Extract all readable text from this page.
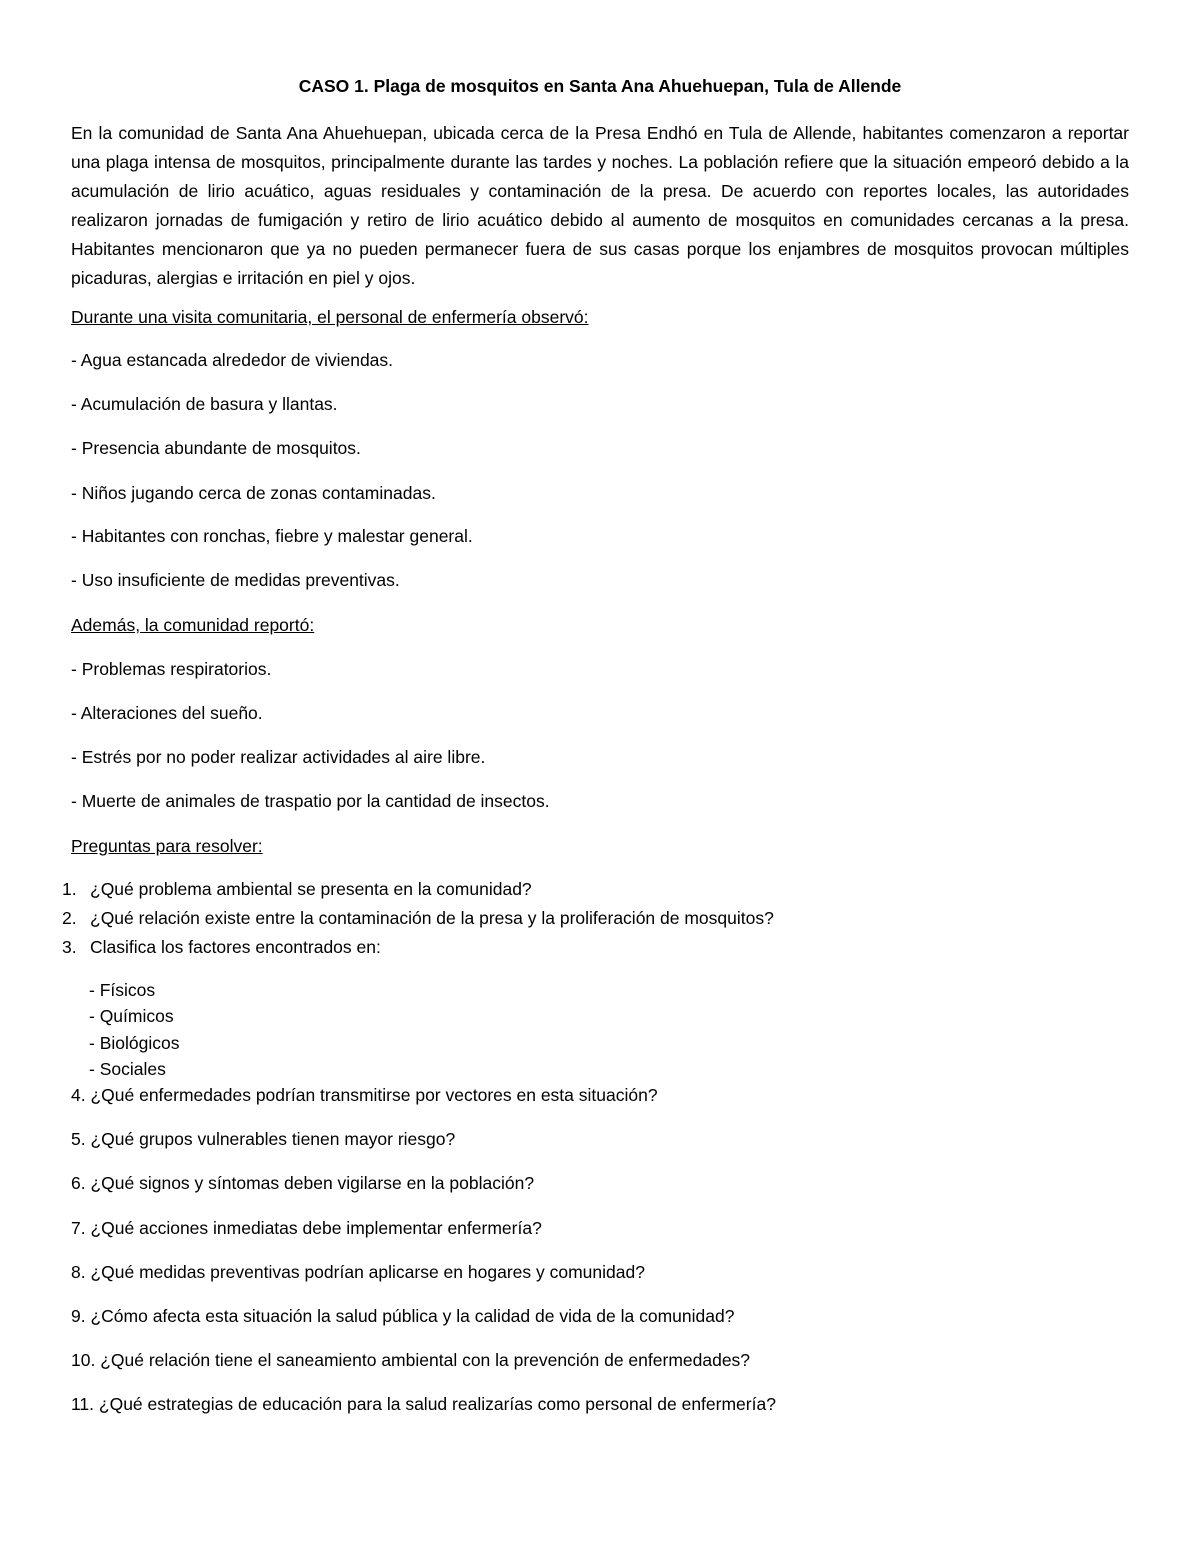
CASO 1. Plaga de mosquitos en Santa Ana Ahuehuepan, Tula de Allende

En la comunidad de Santa Ana Ahuehuepan, ubicada cerca de la Presa Endhó en Tula de Allende, habitantes comenzaron a reportar una plaga intensa de mosquitos, principalmente durante las tardes y noches. La población refiere que la situación empeoró debido a la acumulación de lirio acuático, aguas residuales y contaminación de la presa. De acuerdo con reportes locales, las autoridades realizaron jornadas de fumigación y retiro de lirio acuático debido al aumento de mosquitos en comunidades cercanas a la presa. Habitantes mencionaron que ya no pueden permanecer fuera de sus casas porque los enjambres de mosquitos provocan múltiples picaduras, alergias e irritación en piel y ojos.

Durante una visita comunitaria, el personal de enfermería observó:

- Agua estancada alrededor de viviendas.

- Acumulación de basura y llantas.

- Presencia abundante de mosquitos.

- Niños jugando cerca de zonas contaminadas.

- Habitantes con ronchas, fiebre y malestar general.

- Uso insuficiente de medidas preventivas.

Además, la comunidad reportó:

- Problemas respiratorios.

- Alteraciones del sueño.

- Estrés por no poder realizar actividades al aire libre.

- Muerte de animales de traspatio por la cantidad de insectos.

Preguntas para resolver:

1. ¿Qué problema ambiental se presenta en la comunidad?

2. ¿Qué relación existe entre la contaminación de la presa y la proliferación de mosquitos?

3. Clasifica los factores encontrados en:

- Físicos

- Químicos

- Biológicos

- Sociales

4. ¿Qué enfermedades podrían transmitirse por vectores en esta situación?

5. ¿Qué grupos vulnerables tienen mayor riesgo?

6. ¿Qué signos y síntomas deben vigilarse en la población?

7. ¿Qué acciones inmediatas debe implementar enfermería?

8. ¿Qué medidas preventivas podrían aplicarse en hogares y comunidad?

9. ¿Cómo afecta esta situación la salud pública y la calidad de vida de la comunidad?

10. ¿Qué relación tiene el saneamiento ambiental con la prevención de enfermedades?

11. ¿Qué estrategias de educación para la salud realizarías como personal de enfermería?
